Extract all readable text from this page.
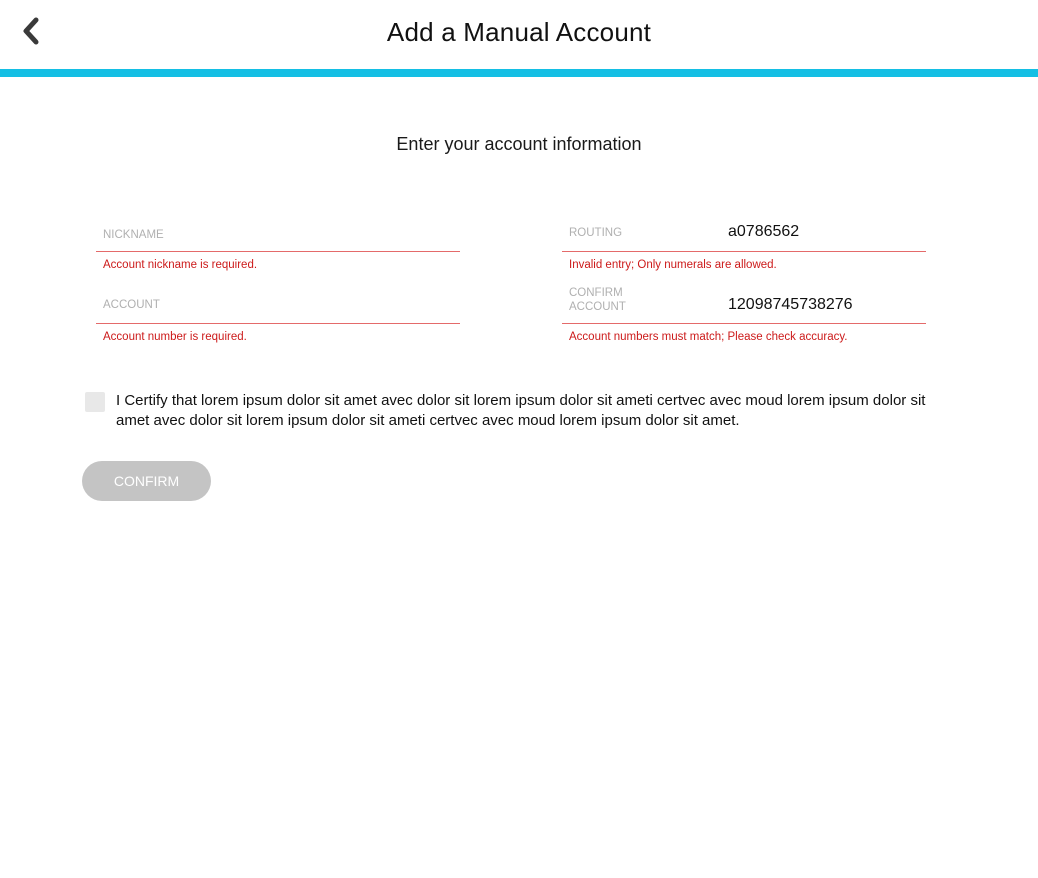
Add a Manual Account
Enter your account information
NICKNAME
Account nickname is required.
ACCOUNT
Account number is required.
ROUTING
a0786562
Invalid entry; Only numerals are allowed.
CONFIRM
ACCOUNT
12098745738276
Account numbers must match; Please check accuracy.
I Certify that lorem ipsum dolor sit amet avec dolor sit lorem ipsum dolor sit ameti certvec avec moud lorem ipsum dolor sit amet avec dolor sit lorem ipsum dolor sit ameti certvec avec moud lorem ipsum dolor sit amet.
CONFIRM
